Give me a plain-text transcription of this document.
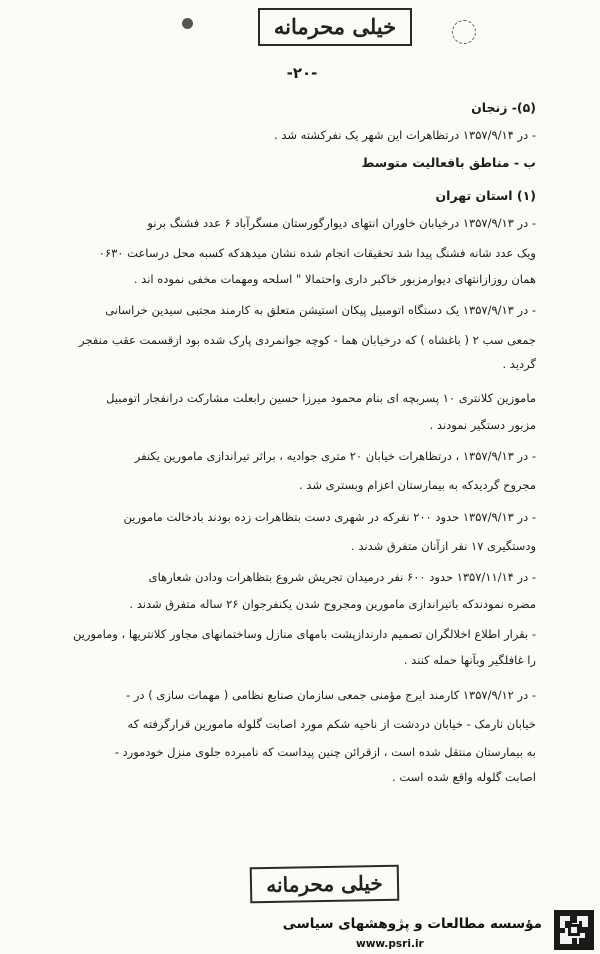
خیلی محرمانه
-۲۰-
(۵)- زنجان
- در ۱۳۵۷/۹/۱۴ درتظاهرات این شهر یک نفرکشته شد .
ب - مناطق بافعالیت متوسط
(۱) استان تهران
- در ۱۳۵۷/۹/۱۳ درخیابان خاوران انتهای دیوارگورستان مسگرآباد ۶ عدد فشنگ برنو
ویک عدد شانه فشنگ پیدا شد تحقیقات انجام شده نشان میدهدکه کسبه محل درساعت ۰۶۳۰
همان روزازانتهای دیوارمزبور خاکبر داری واحتمالا " اسلحه ومهمات مخفی نموده اند .
- در ۱۳۵۷/۹/۱۳ یک دستگاه اتومبیل پیکان استیشن متعلق به کارمند مجتبی سیدین خراسانی
جمعی سب ۲ ( باغشاه ) که درخیابان هما - کوچه جوانمردی پارک شده بود ازقسمت عقب منفجر
گردید .
ماموزین کلانتری ۱۰ پسربچه ای بنام محمود میرزا حسین رابعلت مشارکت درانفجار اتومبیل
مزبور دستگیر نمودند .
- در ۱۳۵۷/۹/۱۳ ، درتظاهرات خیابان ۲۰ متری جوادیه ، براثر تیراندازی مامورین یکنفر
مجروح گردیدکه به بیمارستان اعزام وبستری شد .
- در ۱۳۵۷/۹/۱۳ حدود ۲۰۰ نفرکه در شهری دست بتظاهرات زده بودند بادخالت مامورین
ودستگیری ۱۷ نفر ازآنان متفرق شدند .
- در ۱۳۵۷/۱۱/۱۴ حدود ۶۰۰ نفر درمیدان تجریش شروع بتظاهرات ودادن شعارهای
مضره نمودندکه باتیراندازی مامورین ومجروح شدن یکنفرجوان ۲۶ ساله متفرق شدند .
- بقرار اطلاع اخلالگران تصمیم دارندازپشت بامهای منازل وساختمانهای مجاور کلانتریها ، ومامورین
را غافلگیر وبآنها حمله کنند .
- در ۱۳۵۷/۹/۱۲ کارمند ایرج مؤمنی جمعی سازمان صنایع نظامی ( مهمات سازی ) در -
خیابان نارمک - خیابان دردشت از ناحیه شکم مورد اصابت گلوله مامورین قرارگرفته که
به بیمارستان منتقل شده است ، ازقرائن چنین پیداست که نامبرده جلوی منزل خودمورد -
اصابت گلوله واقع شده است .
خیلی محرمانه
مؤسسه مطالعات و پژوهشهای سیاسی
www.psri.ir
